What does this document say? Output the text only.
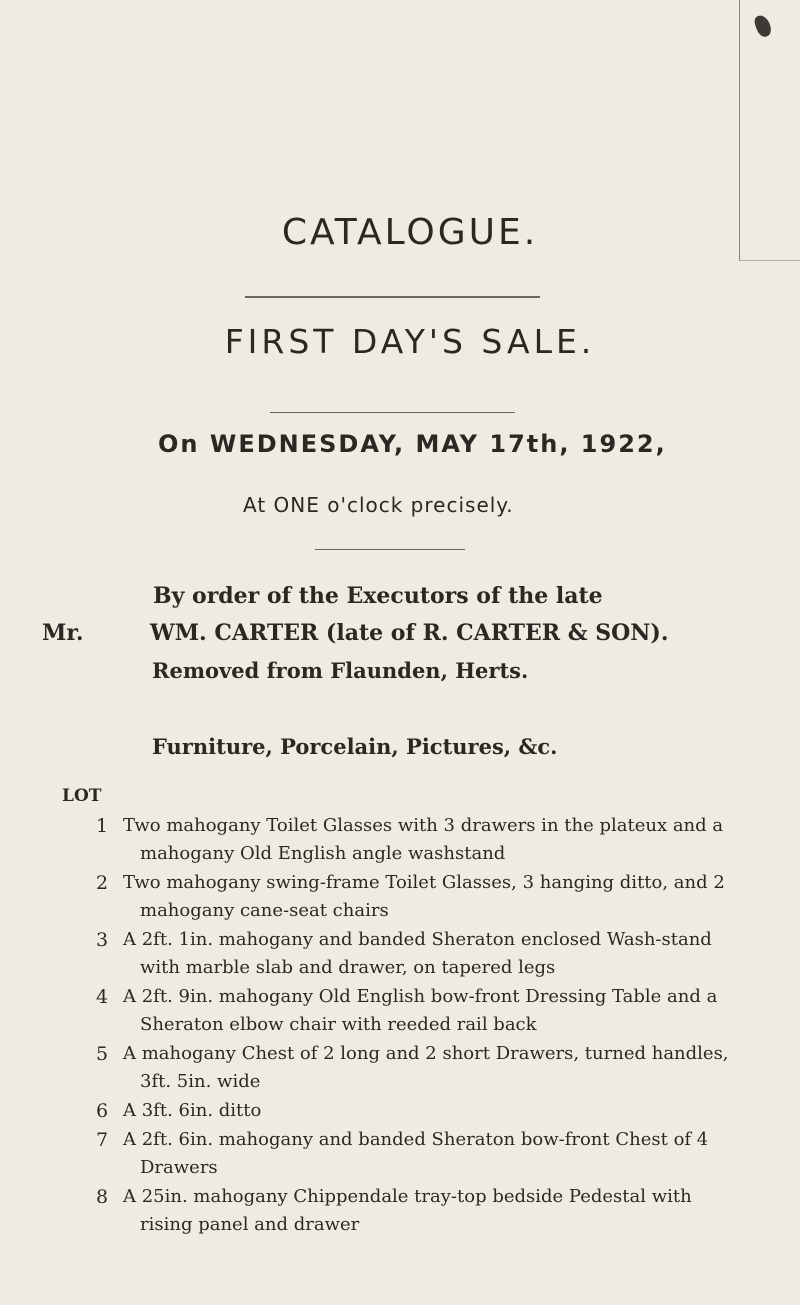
CATALOGUE.
FIRST DAY'S SALE.
On WEDNESDAY, MAY 17th, 1922,
At ONE o'clock precisely.
By order of the Executors of the late
Mr.	WM. CARTER (late of R. CARTER & SON).
Removed from Flaunden, Herts.
Furniture, Porcelain, Pictures, &c.
LOT
1 Two mahogany Toilet Glasses with 3 drawers in the plateux and a mahogany Old English angle washstand
2 Two mahogany swing-frame Toilet Glasses, 3 hanging ditto, and 2 mahogany cane-seat chairs
3 A 2ft. 1in. mahogany and banded Sheraton enclosed Wash-stand with marble slab and drawer, on tapered legs
4 A 2ft. 9in. mahogany Old English bow-front Dressing Table and a Sheraton elbow chair with reeded rail back
5 A mahogany Chest of 2 long and 2 short Drawers, turned handles, 3ft. 5in. wide
6 A 3ft. 6in. ditto
7 A 2ft. 6in. mahogany and banded Sheraton bow-front Chest of 4 Drawers
8 A 25in. mahogany Chippendale tray-top bedside Pedestal with rising panel and drawer
